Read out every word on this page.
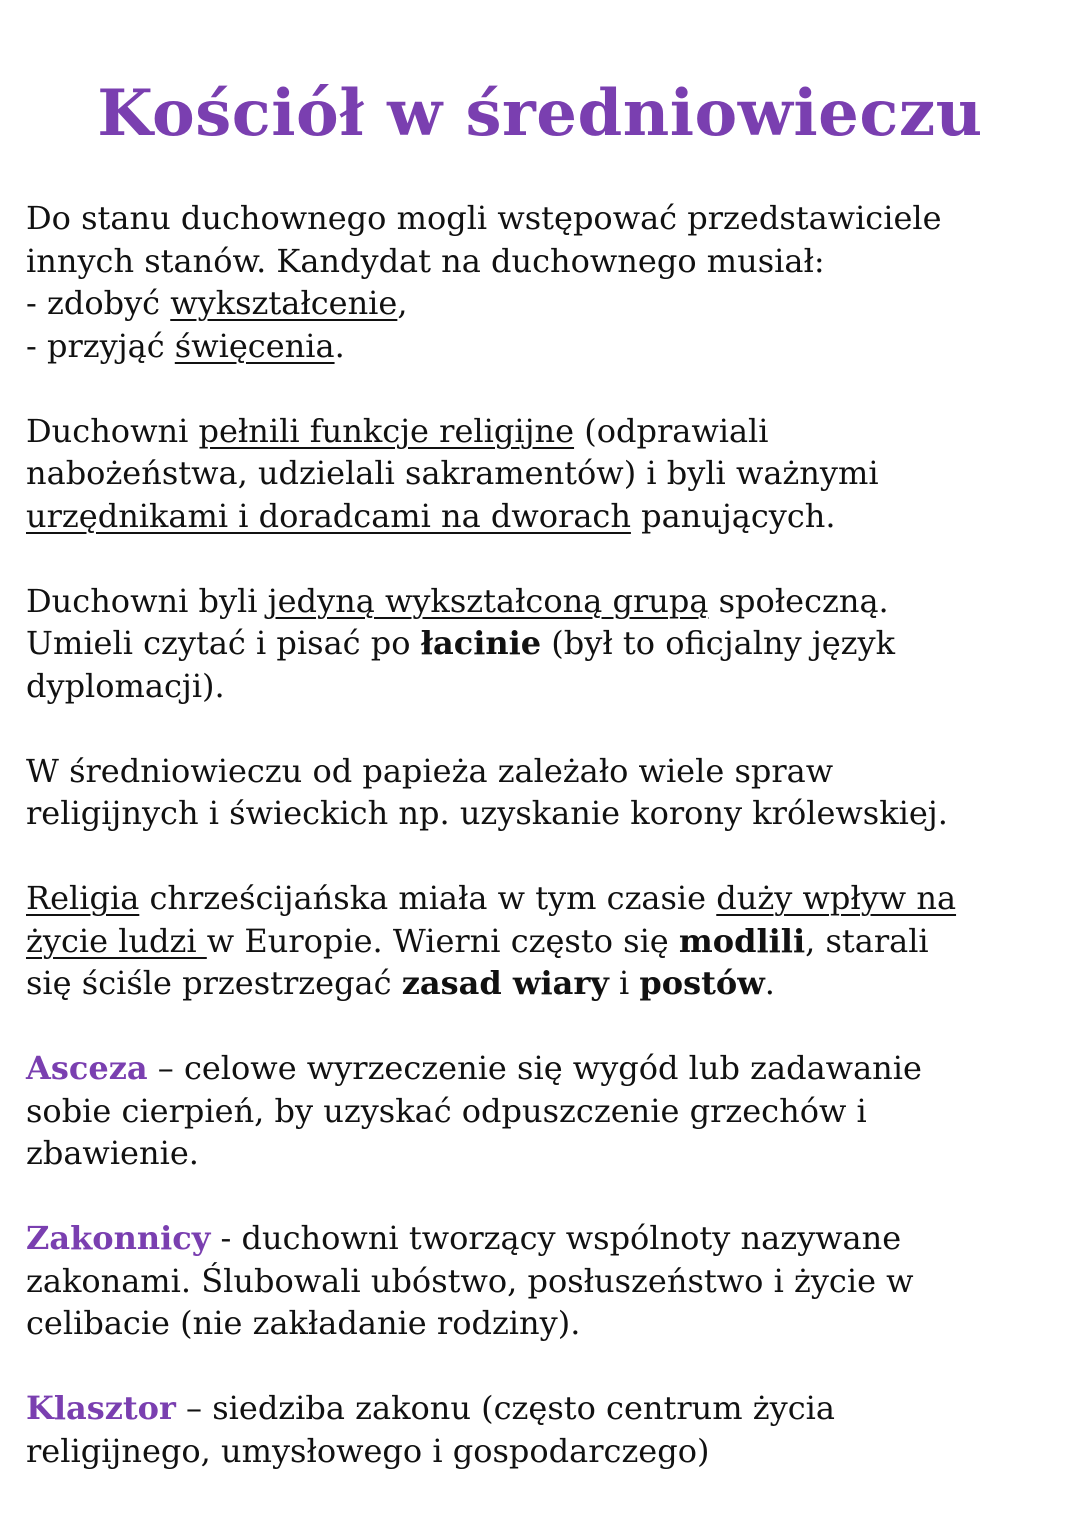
Kościół w średniowieczu

Do stanu duchownego mogli wstępować przedstawiciele
innych stanów. Kandydat na duchownego musiał:
- zdobyć wykształcenie,
- przyjąć święcenia.

Duchowni pełnili funkcje religijne (odprawiali
nabożeństwa, udzielali sakramentów) i byli ważnymi
urzędnikami i doradcami na dworach panujących.

Duchowni byli jedyną wykształconą grupą społeczną.
Umieli czytać i pisać po łacinie (był to oficjalny język
dyplomacji).

W średniowieczu od papieża zależało wiele spraw
religijnych i świeckich np. uzyskanie korony królewskiej.

Religia chrześcijańska miała w tym czasie duży wpływ na
życie ludzi w Europie. Wierni często się modlili, starali
się ściśle przestrzegać zasad wiary i postów.

Asceza – celowe wyrzeczenie się wygód lub zadawanie
sobie cierpień, by uzyskać odpuszczenie grzechów i
zbawienie.

Zakonnicy - duchowni tworzący wspólnoty nazywane
zakonami. Ślubowali ubóstwo, posłuszeństwo i życie w
celibacie (nie zakładanie rodziny).

Klasztor – siedziba zakonu (często centrum życia
religijnego, umysłowego i gospodarczego)
